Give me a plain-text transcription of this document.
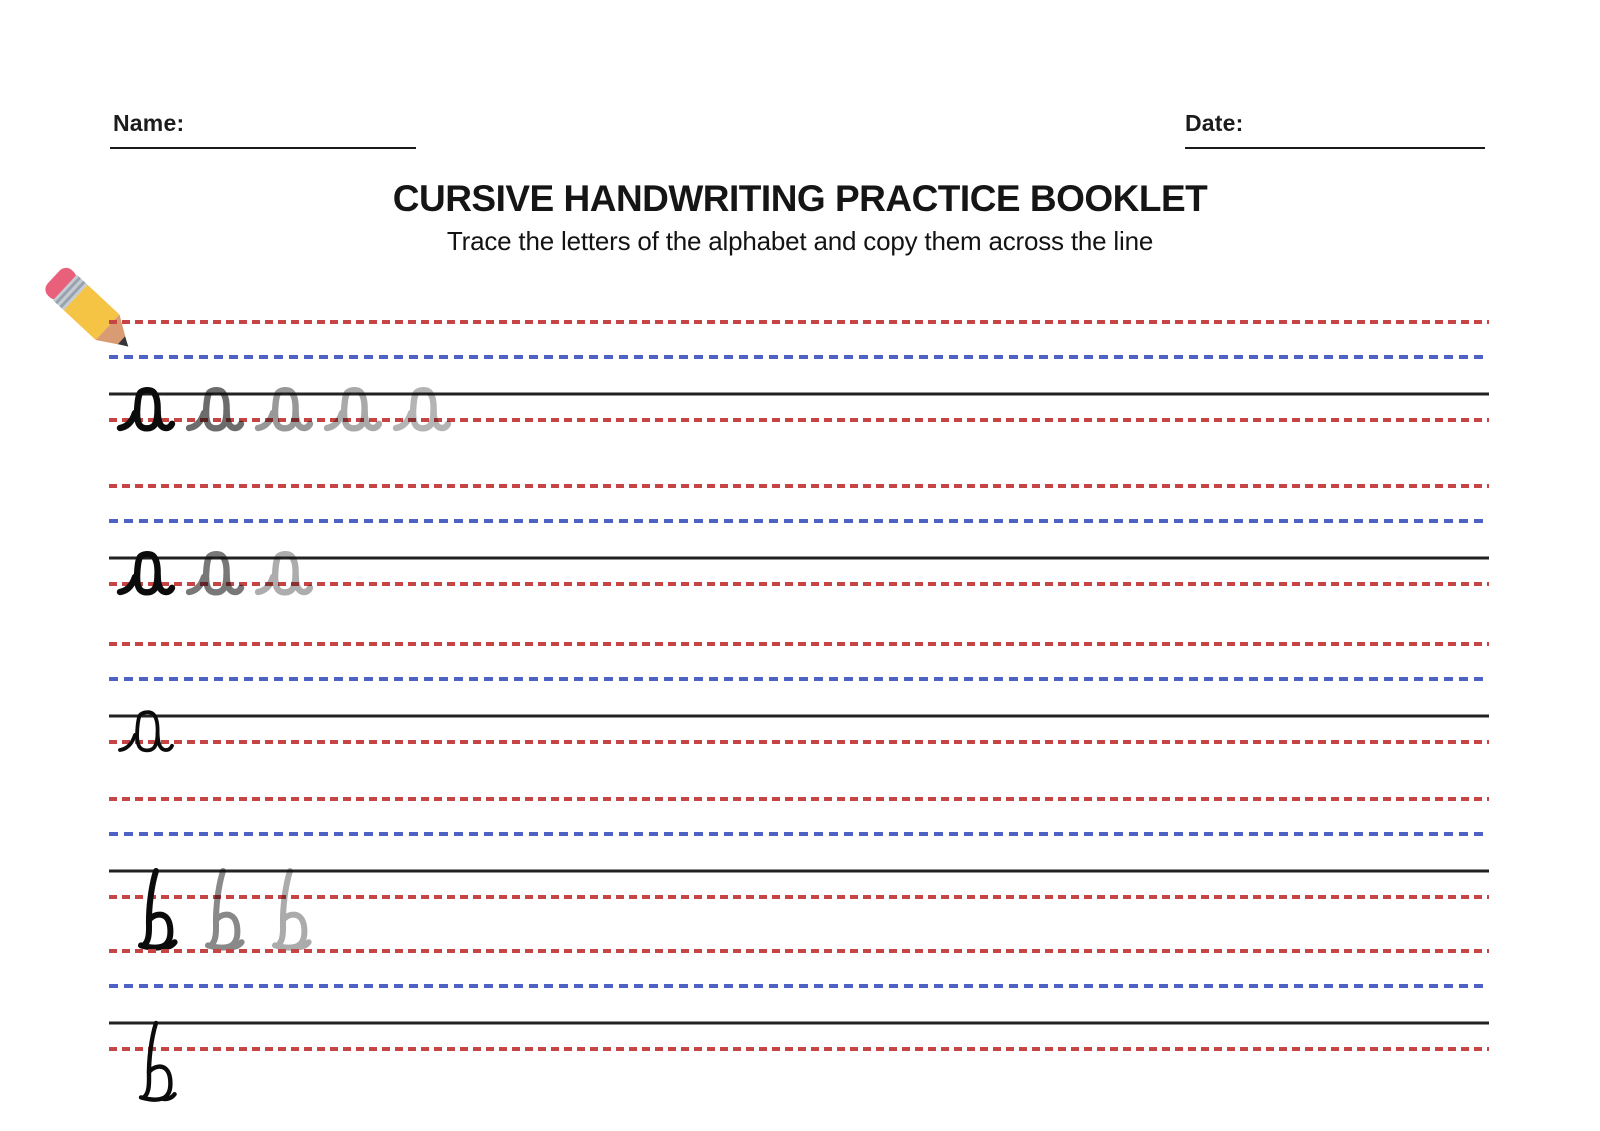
Name:	Date:
CURSIVE HANDWRITING PRACTICE BOOKLET
Trace the letters of the alphabet and copy them across the line
